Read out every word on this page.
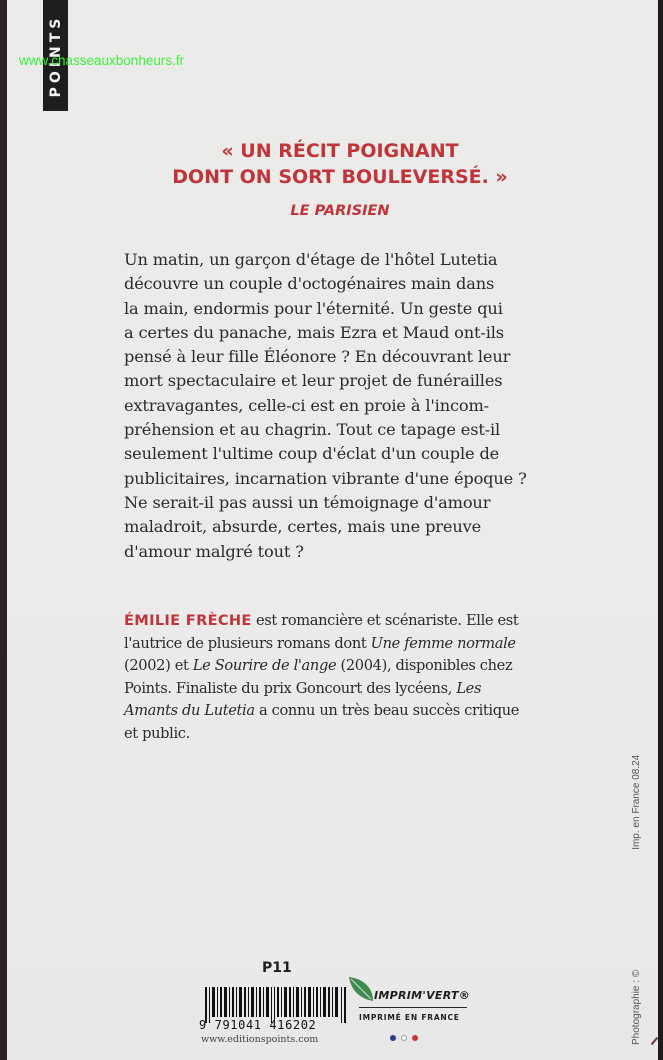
POINTS
www.chasseauxbonheurs.fr
« UN RÉCIT POIGNANT
DONT ON SORT BOULEVERSÉ. »
LE PARISIEN
Un matin, un garçon d'étage de l'hôtel Lutetia
découvre un couple d'octogénaires main dans
la main, endormis pour l'éternité. Un geste qui
a certes du panache, mais Ezra et Maud ont-ils
pensé à leur fille Éléonore ? En découvrant leur
mort spectaculaire et leur projet de funérailles
extravagantes, celle-ci est en proie à l'incom-
préhension et au chagrin. Tout ce tapage est-il
seulement l'ultime coup d'éclat d'un couple de
publicitaires, incarnation vibrante d'une époque ?
Ne serait-il pas aussi un témoignage d'amour
maladroit, absurde, certes, mais une preuve
d'amour malgré tout ?
ÉMILIE FRÈCHE est romancière et scénariste. Elle est
l'autrice de plusieurs romans dont Une femme normale
(2002) et Le Sourire de l'ange (2004), disponibles chez
Points. Finaliste du prix Goncourt des lycéens, Les
Amants du Lutetia a connu un très beau succès critique
et public.
P11
9 791041 416202
www.editionspoints.com
IMPRIM'VERT®
IMPRIMÉ EN FRANCE	Photographie : ©Imp. en France 08.24
